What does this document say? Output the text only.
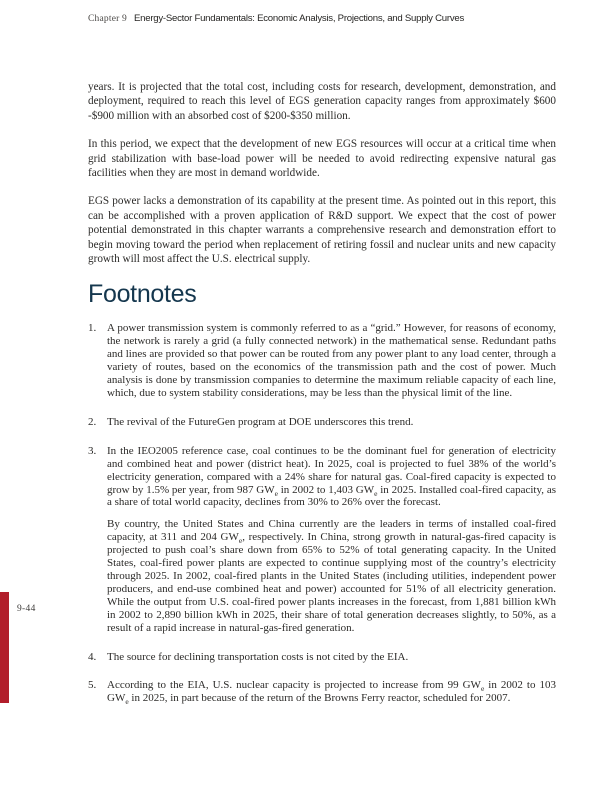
Chapter 9 Energy-Sector Fundamentals: Economic Analysis, Projections, and Supply Curves

years. It is projected that the total cost, including costs for research, development, demonstration, and deployment, required to reach this level of EGS generation capacity ranges from approximately $600 -$900 million with an absorbed cost of $200-$350 million.

In this period, we expect that the development of new EGS resources will occur at a critical time when grid stabilization with base-load power will be needed to avoid redirecting expensive natural gas facilities when they are most in demand worldwide.

EGS power lacks a demonstration of its capability at the present time. As pointed out in this report, this can be accomplished with a proven application of R&D support. We expect that the cost of power potential demonstrated in this chapter warrants a comprehensive research and demonstration effort to begin moving toward the period when replacement of retiring fossil and nuclear units and new capacity growth will most affect the U.S. electrical supply.

Footnotes
1. A power transmission system is commonly referred to as a “grid.” However, for reasons of economy, the network is rarely a grid (a fully connected network) in the mathematical sense. Redundant paths and lines are provided so that power can be routed from any power plant to any load center, through a variety of routes, based on the economics of the transmission path and the cost of power. Much analysis is done by transmission companies to determine the maximum reliable capacity of each line, which, due to system stability considerations, may be less than the physical limit of the line.

2. The revival of the FutureGen program at DOE underscores this trend.

3. In the IEO2005 reference case, coal continues to be the dominant fuel for generation of electricity and combined heat and power (district heat). In 2025, coal is projected to fuel 38% of the world’s electricity generation, compared with a 24% share for natural gas. Coal-fired capacity is expected to grow by 1.5% per year, from 987 $GW_e$ in 2002 to 1,403 $GW_e$ in 2025. Installed coal-fired capacity, as a share of total world capacity, declines from 30% to 26% over the forecast.

By country, the United States and China currently are the leaders in terms of installed coal-fired capacity, at 311 and 204 $GW_e$, respectively. In China, strong growth in natural-gas-fired capacity is projected to push coal’s share down from 65% to 52% of total generating capacity. In the United States, coal-fired power plants are expected to continue supplying most of the country’s electricity through 2025. In 2002, coal-fired plants in the United States (including utilities, independent power producers, and end-use combined heat and power) accounted for 51% of all electricity generation. While the output from U.S. coal-fired power plants increases in the forecast, from 1,881 billion kWh in 2002 to 2,890 billion kWh in 2025, their share of total generation decreases slightly, to 50%, as a result of a rapid increase in natural-gas-fired generation.

4. The source for declining transportation costs is not cited by the EIA.

5. According to the EIA, U.S. nuclear capacity is projected to increase from 99 $GW_e$ in 2002 to 103 $GW_e$ in 2025, in part because of the return of the Browns Ferry reactor, scheduled for 2007.

9-44
